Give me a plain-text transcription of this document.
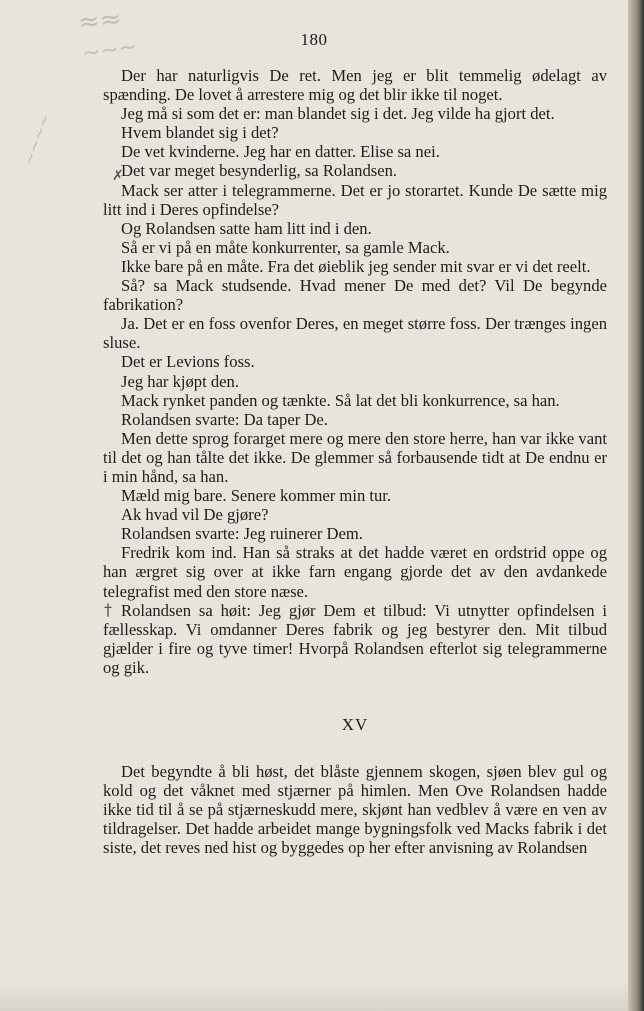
≈≈
∼∼∼
∼∼∼∼
180

Der har naturligvis De ret. Men jeg er blit temmelig ødelagt av spænding. De lovet å arrestere mig og det blir ikke til noget.

Jeg må si som det er: man blandet sig i det. Jeg vilde ha gjort det.

Hvem blandet sig i det?

De vet kvinderne. Jeg har en datter. Elise sa nei.

Det var meget besynderlig, sa Rolandsen.

Mack ser atter i telegrammerne. Det er jo storartet. Kunde De sætte mig litt ind i Deres opfindelse?

Og Rolandsen satte ham litt ind i den.

Så er vi på en måte konkurrenter, sa gamle Mack.

Ikke bare på en måte. Fra det øieblik jeg sender mit svar er vi det reelt.

Så? sa Mack studsende. Hvad mener De med det? Vil De begynde fabrikation?

Ja. Det er en foss ovenfor Deres, en meget større foss. Der trænges ingen sluse.

Det er Levions foss.

Jeg har kjøpt den.

Mack rynket panden og tænkte. Så lat det bli konkurrence, sa han.

Rolandsen svarte: Da taper De.

Men dette sprog forarget mere og mere den store herre, han var ikke vant til det og han tålte det ikke. De glemmer så forbausende tidt at De endnu er i min hånd, sa han.

Mæld mig bare. Senere kommer min tur.

Ak hvad vil De gjøre?

Rolandsen svarte: Jeg ruinerer Dem.

Fredrik kom ind. Han så straks at det hadde været en ordstrid oppe og han ærgret sig over at ikke farn engang gjorde det av den avdankede telegrafist med den store næse.

Rolandsen sa høit: Jeg gjør Dem et tilbud: Vi utnytter opfindelsen i fællesskap. Vi omdanner Deres fabrik og jeg bestyrer den. Mit tilbud gjælder i fire og tyve timer! Hvorpå Rolandsen efterlot sig telegrammerne og gik.

XV

Det begyndte å bli høst, det blåste gjennem skogen, sjøen blev gul og kold og det våknet med stjærner på himlen. Men Ove Rolandsen hadde ikke tid til å se på stjærneskudd mere, skjønt han vedblev å være en ven av tildragelser. Det hadde arbeidet mange bygningsfolk ved Macks fabrik i det siste, det reves ned hist og byggedes op her efter anvisning av Rolandsen

✗
†
